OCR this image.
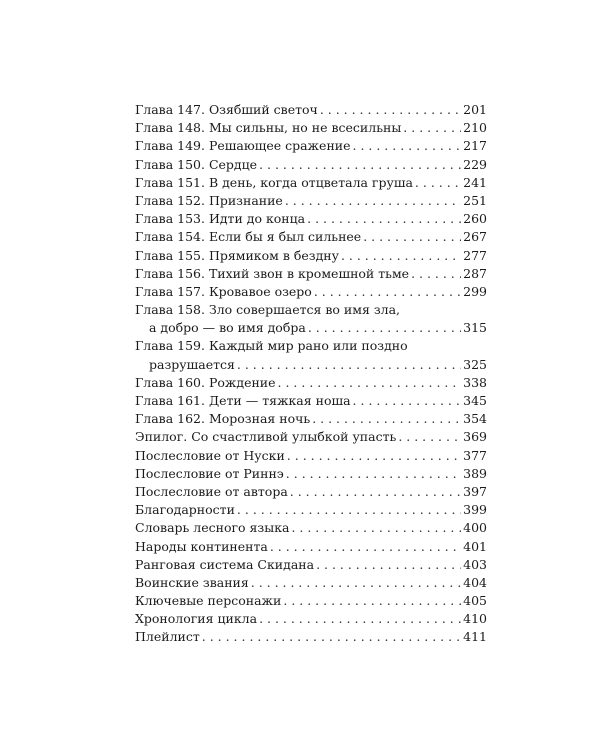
Глава 147. Озябший светоч . . .	201
Глава 148. Мы сильны, но не всесильны . . .	210
Глава 149. Решающее сражение . . .	217
Глава 150. Сердце . . .	229
Глава 151. В день, когда отцветала груша . . .	241
Глава 152. Признание . . .	251
Глава 153. Идти до конца . . .	260
Глава 154. Если бы я был сильнее . . .	267
Глава 155. Прямиком в бездну . . .	277
Глава 156. Тихий звон в кромешной тьме . . .	287
Глава 157. Кровавое озеро . . .	299
Глава 158. Зло совершается во имя зла,
а добро — во имя добра . . .	315
Глава 159. Каждый мир рано или поздно
разрушается . . .	325
Глава 160. Рождение . . .	338
Глава 161. Дети — тяжкая ноша . . .	345
Глава 162. Морозная ночь . . .	354
Эпилог. Со счастливой улыбкой упасть . . .	369
Послесловие от Нуски . . .	377
Послесловие от Риннэ . . .	389
Послесловие от автора . . .	397
Благодарности . . .	399
Словарь лесного языка . . .	400
Народы континента . . .	401
Ранговая система Скидана . . .	403
Воинские звания . . .	404
Ключевые персонажи . . .	405
Хронология цикла . . .	410
Плейлист . . .	411
